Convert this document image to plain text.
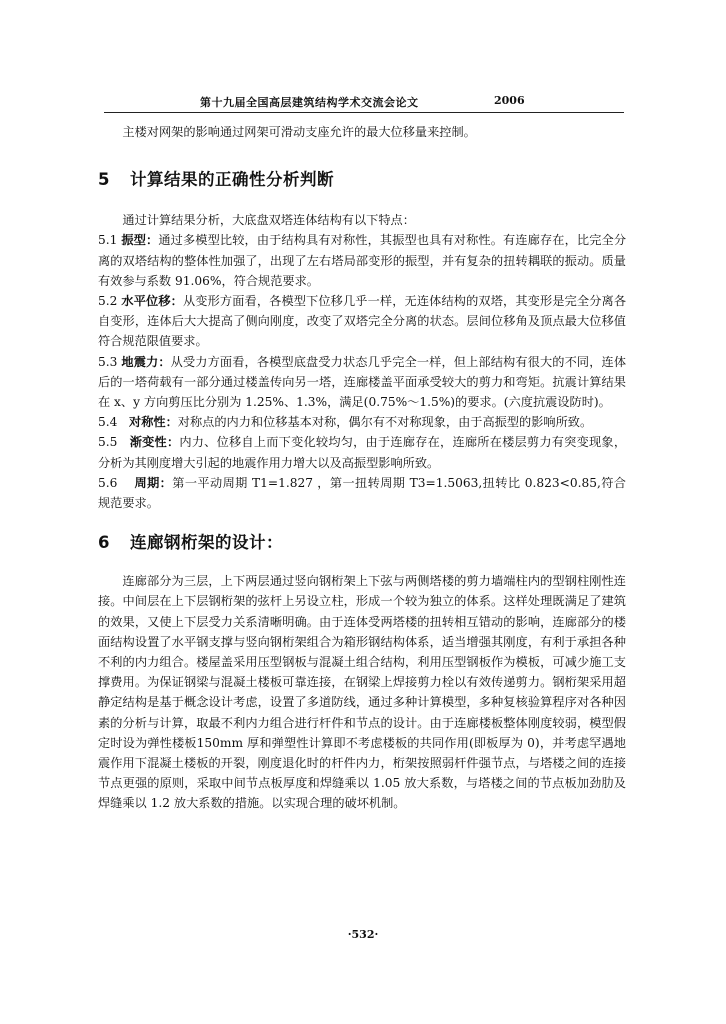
第十九届全国高层建筑结构学术交流会论文	2006

主楼对网架的影响通过网架可滑动支座允许的最大位移量来控制。

5 计算结果的正确性分析判断

通过计算结果分析，大底盘双塔连体结构有以下特点：

5.1 振型：通过多模型比较，由于结构具有对称性，其振型也具有对称性。有连廊存在，比完全分离的双塔结构的整体性加强了，出现了左右塔局部变形的振型，并有复杂的扭转耦联的振动。质量有效参与系数 91.06%，符合规范要求。

5.2 水平位移：从变形方面看，各模型下位移几乎一样，无连体结构的双塔，其变形是完全分离各自变形，连体后大大提高了侧向刚度，改变了双塔完全分离的状态。层间位移角及顶点最大位移值符合规范限值要求。

5.3 地震力：从受力方面看，各模型底盘受力状态几乎完全一样，但上部结构有很大的不同，连体后的一塔荷载有一部分通过楼盖传向另一塔，连廊楼盖平面承受较大的剪力和弯矩。抗震计算结果在 x、y 方向剪压比分别为 1.25%、1.3%，满足(0.75%～1.5%)的要求。(六度抗震设防时)。

5.4 对称性：对称点的内力和位移基本对称，偶尔有不对称现象，由于高振型的影响所致。

5.5 渐变性：内力、位移自上而下变化较均匀，由于连廊存在，连廊所在楼层剪力有突变现象，分析为其刚度增大引起的地震作用力增大以及高振型影响所致。

5.6 周期：第一平动周期 T1=1.827 ，第一扭转周期 T3=1.5063,扭转比 0.823<0.85,符合规范要求。

6 连廊钢桁架的设计：

连廊部分为三层，上下两层通过竖向钢桁架上下弦与两侧塔楼的剪力墙端柱内的型钢柱刚性连接。中间层在上下层钢桁架的弦杆上另设立柱，形成一个较为独立的体系。这样处理既满足了建筑的效果，又使上下层受力关系清晰明确。由于连体受两塔楼的扭转相互错动的影响，连廊部分的楼面结构设置了水平钢支撑与竖向钢桁架组合为箱形钢结构体系，适当增强其刚度，有利于承担各种不利的内力组合。楼屋盖采用压型钢板与混凝土组合结构，利用压型钢板作为模板，可减少施工支撑费用。为保证钢梁与混凝土楼板可靠连接，在钢梁上焊接剪力栓以有效传递剪力。钢桁架采用超静定结构是基于概念设计考虑，设置了多道防线，通过多种计算模型，多种复核验算程序对各种因素的分析与计算，取最不利内力组合进行杆件和节点的设计。由于连廊楼板整体刚度较弱，模型假定时设为弹性楼板150mm 厚和弹塑性计算即不考虑楼板的共同作用(即板厚为 0)，并考虑罕遇地震作用下混凝土楼板的开裂，刚度退化时的杆件内力，桁架按照弱杆件强节点，与塔楼之间的连接节点更强的原则，采取中间节点板厚度和焊缝乘以 1.05 放大系数，与塔楼之间的节点板加劲肋及焊缝乘以 1.2 放大系数的措施。以实现合理的破坏机制。

·532·
